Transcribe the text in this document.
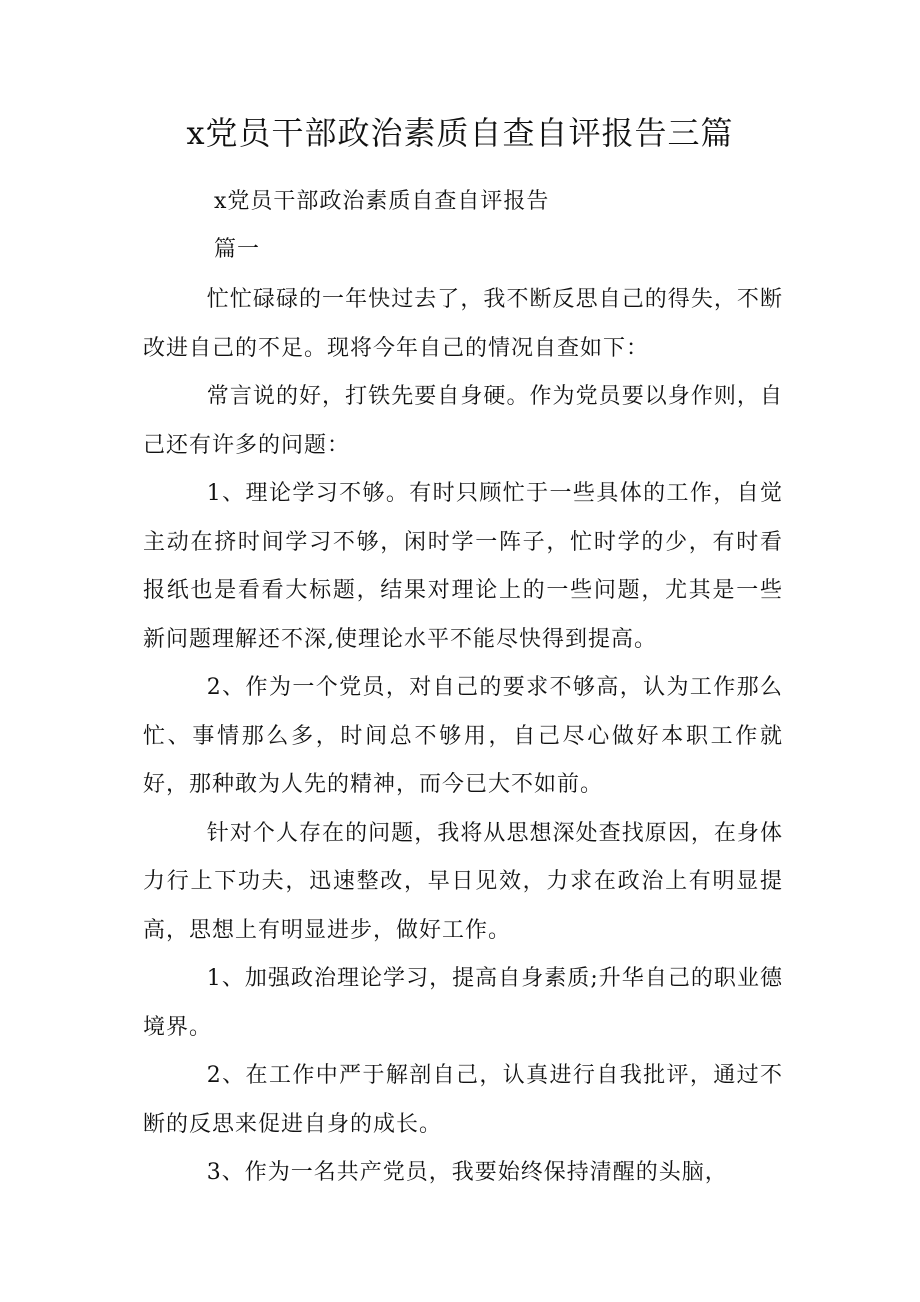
x党员干部政治素质自查自评报告三篇
x党员干部政治素质自查自评报告
篇一

忙忙碌碌的一年快过去了，我不断反思自己的得失，不断改进自己的不足。现将今年自己的情况自查如下：

常言说的好，打铁先要自身硬。作为党员要以身作则，自己还有许多的问题：

1、理论学习不够。有时只顾忙于一些具体的工作，自觉主动在挤时间学习不够，闲时学一阵子，忙时学的少，有时看报纸也是看看大标题，结果对理论上的一些问题，尤其是一些新问题理解还不深,使理论水平不能尽快得到提高。

2、作为一个党员，对自己的要求不够高，认为工作那么忙、事情那么多，时间总不够用，自己尽心做好本职工作就好，那种敢为人先的精神，而今已大不如前。

针对个人存在的问题，我将从思想深处查找原因，在身体力行上下功夫，迅速整改，早日见效，力求在政治上有明显提高，思想上有明显进步，做好工作。

1、加强政治理论学习，提高自身素质;升华自己的职业德境界。

2、在工作中严于解剖自己，认真进行自我批评，通过不断的反思来促进自身的成长。

3、作为一名共产党员，我要始终保持清醒的头脑，
